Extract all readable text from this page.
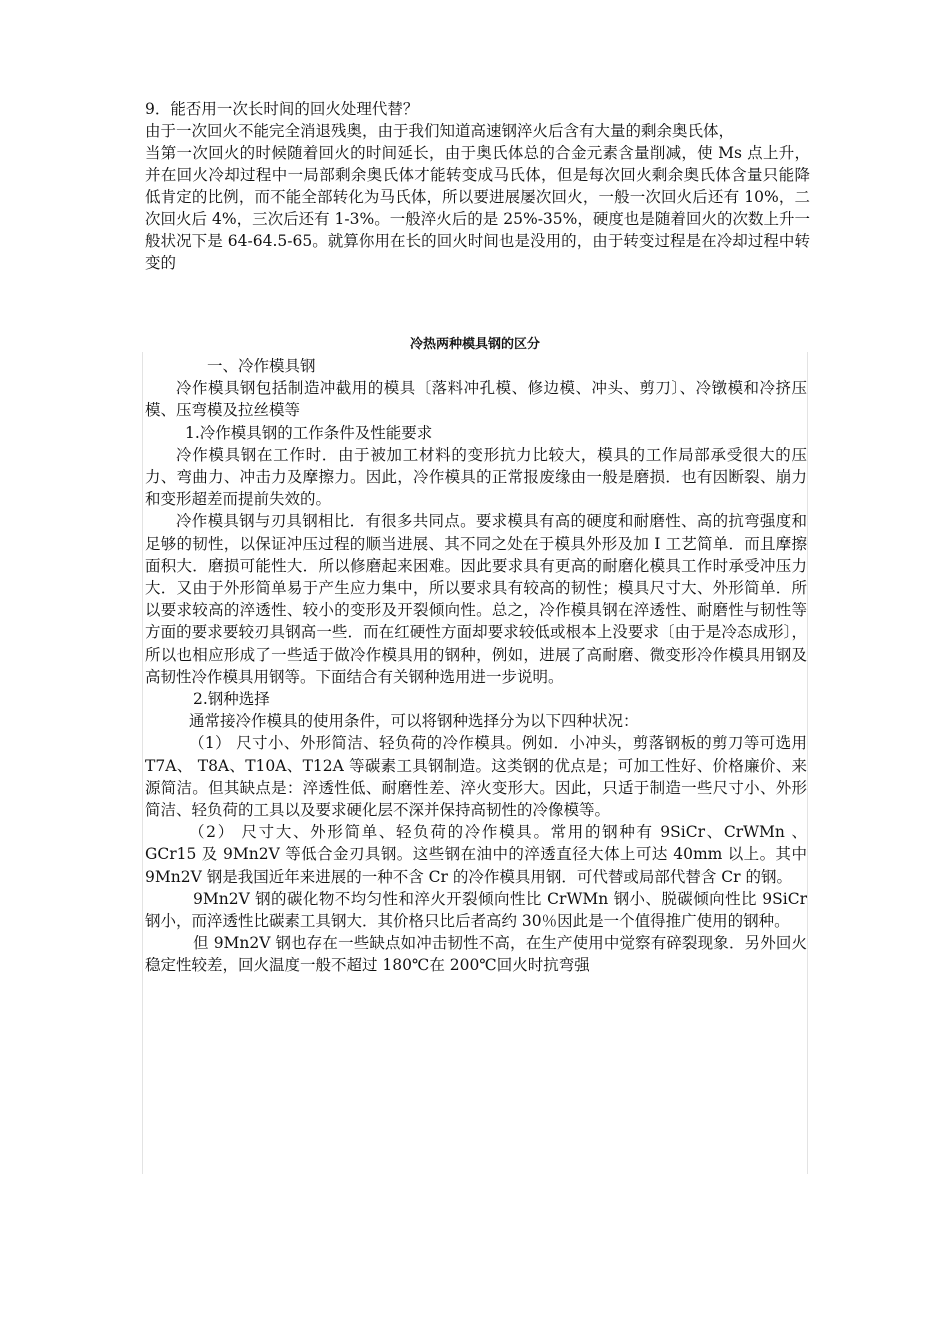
9．能否用一次长时间的回火处理代替？

由于一次回火不能完全消退残奥，由于我们知道高速钢淬火后含有大量的剩余奥氏体，

当第一次回火的时候随着回火的时间延长，由于奥氏体总的合金元素含量削减，使 Ms 点上升，并在回火冷却过程中一局部剩余奥氏体才能转变成马氏体，但是每次回火剩余奥氏体含量只能降低肯定的比例，而不能全部转化为马氏体，所以要进展屡次回火，一般一次回火后还有 10%，二次回火后 4%，三次后还有 1-3%。一般淬火后的是 25%-35%，硬度也是随着回火的次数上升一般状况下是 64-64.5-65。就算你用在长的回火时间也是没用的，由于转变过程是在冷却过程中转变的

冷热两种模具钢的区分

一、冷作模具钢

冷作模具钢包括制造冲截用的模具〔落料冲孔模、修边模、冲头、剪刀〕、冷镦模和冷挤压模、压弯模及拉丝模等

1.冷作模具钢的工作条件及性能要求

冷作模具钢在工作时．由于被加工材料的变形抗力比较大，模具的工作局部承受很大的压力、弯曲力、冲击力及摩擦力。因此，冷作模具的正常报废缘由一般是磨损．也有因断裂、崩力和变形超差而提前失效的。

冷作模具钢与刃具钢相比．有很多共同点。要求模具有高的硬度和耐磨性、高的抗弯强度和足够的韧性，以保证冲压过程的顺当进展、其不同之处在于模具外形及加 I 工艺简单．而且摩擦面积大．磨损可能性大．所以修磨起来困难。因此要求具有更高的耐磨化模具工作时承受冲压力大．又由于外形简单易于产生应力集中，所以要求具有较高的韧性；模具尺寸大、外形简单．所以要求较高的淬透性、较小的变形及开裂倾向性。总之，冷作模具钢在淬透性、耐磨性与韧性等方面的要求要较刃具钢高一些．而在红硬性方面却要求较低或根本上没要求〔由于是冷态成形〕，所以也相应形成了一些适于做冷作模具用的钢种，例如，进展了高耐磨、微变形冷作模具用钢及高韧性冷作模具用钢等。下面结合有关钢种选用进一步说明。

2.钢种选择

通常接冷作模具的使用条件，可以将钢种选择分为以下四种状况：

（1） 尺寸小、外形简洁、轻负荷的冷作模具。例如．小冲头，剪落钢板的剪刀等可选用 T7A、 T8A、T10A、T12A 等碳素工具钢制造。这类钢的优点是；可加工性好、价格廉价、来源简洁。但其缺点是：淬透性低、耐磨性差、淬火变形大。因此，只适于制造一些尺寸小、外形简洁、轻负荷的工具以及要求硬化层不深并保持高韧性的冷像模等。

（2） 尺寸大、外形简单、轻负荷的冷作模具。常用的钢种有 9SiCr、CrWMn 、 GCr15 及 9Mn2V 等低合金刃具钢。这些钢在油中的淬透直径大体上可达 40mm 以上。其中 9Mn2V 钢是我国近年来进展的一种不含 Cr 的冷作模具用钢．可代替或局部代替含 Cr 的钢。

9Mn2V 钢的碳化物不均匀性和淬火开裂倾向性比 CrWMn 钢小、脱碳倾向性比 9SiCr 钢小，而淬透性比碳素工具钢大．其价格只比后者高约 30％因此是一个值得推广使用的钢种。

但 9Mn2V 钢也存在一些缺点如冲击韧性不高，在生产使用中觉察有碎裂现象．另外回火稳定性较差，回火温度一般不超过 180℃在 200℃回火时抗弯强
